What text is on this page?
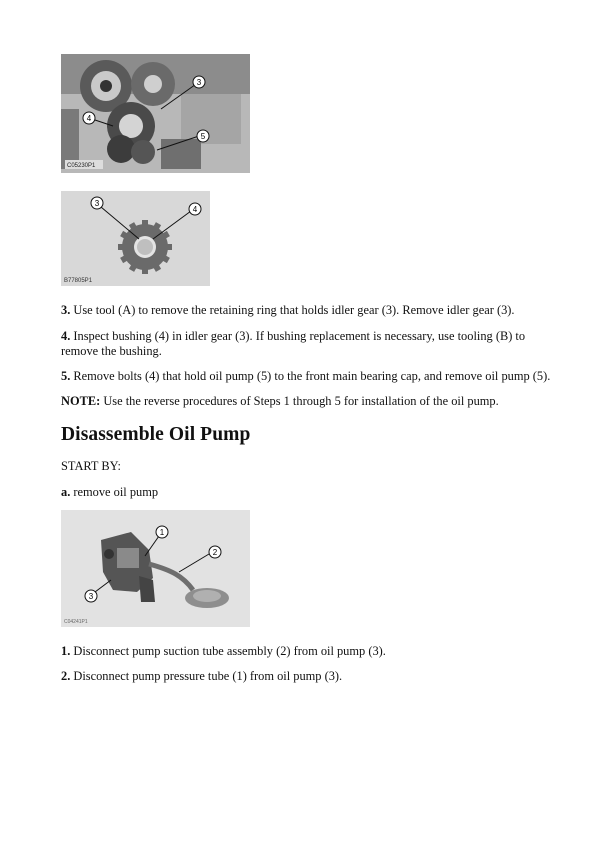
3
4
5
C05230P1
3
4
B77805P1

3. Use tool (A) to remove the retaining ring that holds idler gear (3). Remove idler gear (3).

4. Inspect bushing (4) in idler gear (3). If bushing replacement is necessary, use tooling (B) to remove the bushing.

5. Remove bolts (4) that hold oil pump (5) to the front main bearing cap, and remove oil pump (5).

NOTE: Use the reverse procedures of Steps 1 through 5 for installation of the oil pump.

Disassemble Oil Pump

START BY:

a. remove oil pump

1
2
3
C04241P1

1. Disconnect pump suction tube assembly (2) from oil pump (3).

2. Disconnect pump pressure tube (1) from oil pump (3).
